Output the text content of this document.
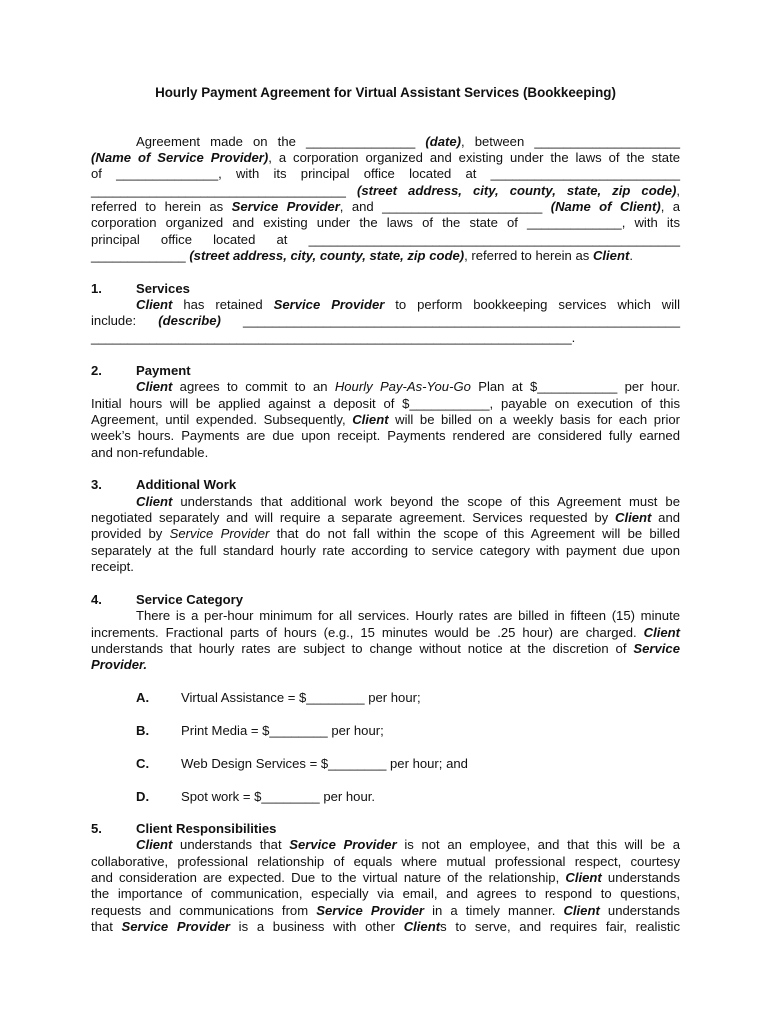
Hourly Payment Agreement for Virtual Assistant Services (Bookkeeping)
Agreement made on the _______________ (date), between ____________________
(Name of Service Provider), a corporation organized and existing under the laws of the state
of ______________, with its principal office located at __________________________
___________________________________ (street address, city, county, state, zip code),
referred to herein as Service Provider, and ______________________ (Name of Client), a
corporation organized and existing under the laws of the state of _____________, with its
principal office located at ___________________________________________________
_____________ (street address, city, county, state, zip code), referred to herein as Client.
1.	Services
Client has retained Service Provider to perform bookkeeping services which will
include: (describe) ____________________________________________________________
__________________________________________________________________.
2.	Payment
Client agrees to commit to an Hourly Pay-As-You-Go Plan at $___________ per hour.
Initial hours will be applied against a deposit of $___________, payable on execution of this
Agreement, until expended. Subsequently, Client will be billed on a weekly basis for each prior
week’s hours. Payments are due upon receipt. Payments rendered are considered fully earned
and non-refundable.
3.	Additional Work
Client understands that additional work beyond the scope of this Agreement must be
negotiated separately and will require a separate agreement. Services requested by Client and
provided by Service Provider that do not fall within the scope of this Agreement will be billed
separately at the full standard hourly rate according to service category with payment due upon
receipt.
4.	Service Category
There is a per-hour minimum for all services. Hourly rates are billed in fifteen (15) minute
increments. Fractional parts of hours (e.g., 15 minutes would be .25 hour) are charged. Client
understands that hourly rates are subject to change without notice at the discretion of Service
Provider.
A. Virtual Assistance = $________ per hour;
B. Print Media = $________ per hour;
C. Web Design Services = $________ per hour; and
D. Spot work = $________ per hour.
5.	Client Responsibilities
Client understands that Service Provider is not an employee, and that this will be a
collaborative, professional relationship of equals where mutual professional respect, courtesy
and consideration are expected. Due to the virtual nature of the relationship, Client understands
the importance of communication, especially via email, and agrees to respond to questions,
requests and communications from Service Provider in a timely manner. Client understands
that Service Provider is a business with other Clients to serve, and requires fair, realistic
